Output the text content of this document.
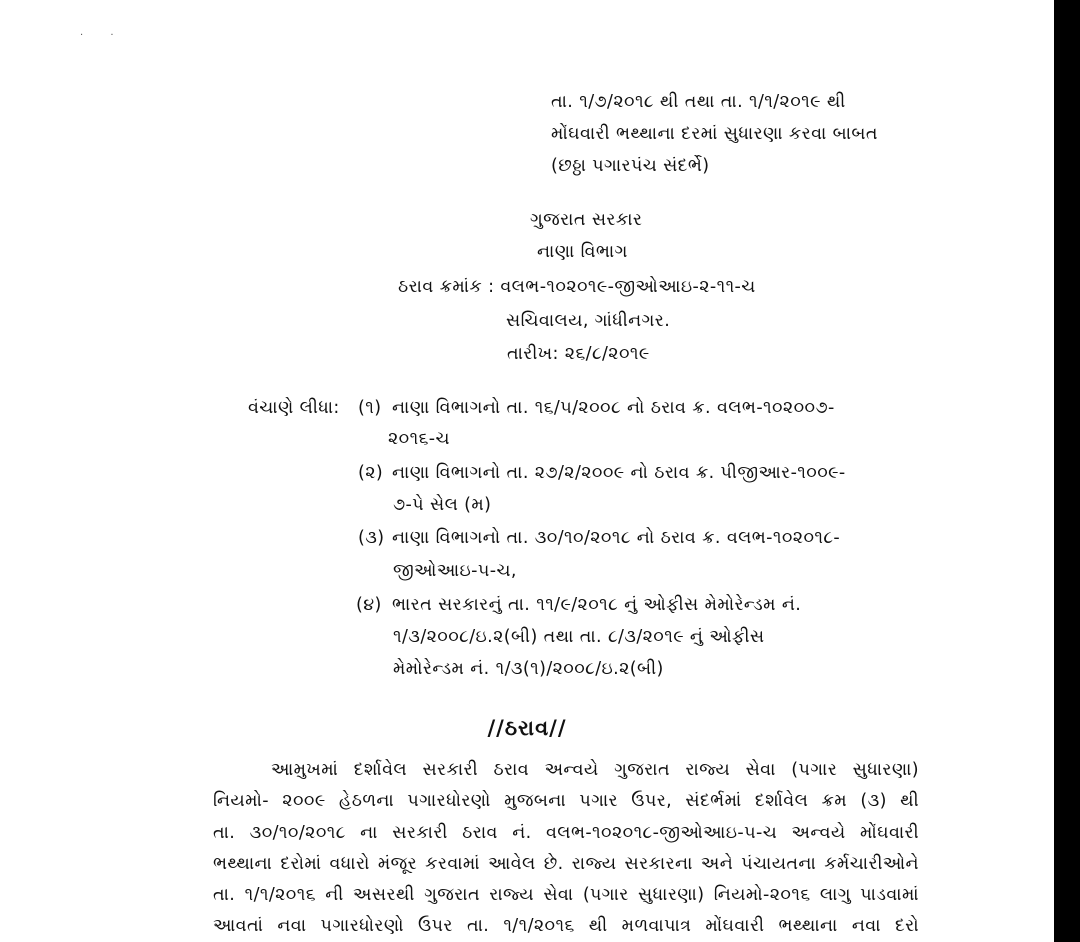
· ·
તા. ૧/૭/૨૦૧૮ થી તથા તા. ૧/૧/૨૦૧૯ થી
મોંઘવારી ભથ્થાના દરમાં સુધારણા કરવા બાબત
(છઠ્ઠા પગારપંચ સંદર્ભે)
ગુજરાત સરકાર
નાણા વિભાગ
ઠરાવ ક્રમાંક : વલભ-૧૦૨૦૧૯-જીઓઆઇ-૨-૧૧-ચ
સચિવાલય, ગાંધીનગર.
તારીખ: ૨૬/૮/૨૦૧૯
વંચાણે લીધા: (૧) નાણા વિભાગનો તા. ૧૬/૫/૨૦૦૮ નો ઠરાવ ક્ર. વલભ-૧૦૨૦૦૭-
૨૦૧૬-ચ
(૨) નાણા વિભાગનો તા. ૨૭/૨/૨૦૦૯ નો ઠરાવ ક્ર. પીજીઆર-૧૦૦૯-
૭-પે સેલ (મ)
(૩) નાણા વિભાગનો તા. ૩૦/૧૦/૨૦૧૮ નો ઠરાવ ક્ર. વલભ-૧૦૨૦૧૮-
જીઓઆઇ-૫-ચ,
(૪) ભારત સરકારનું તા. ૧૧/૯/૨૦૧૮ નું ઓફીસ મેમોરેન્ડમ નં.
૧/૩/૨૦૦૮/ઇ.૨(બી) તથા તા. ૮/૩/૨૦૧૯ નું ઓફીસ
મેમોરેન્ડમ નં. ૧/૩(૧)/૨૦૦૮/ઇ.૨(બી)
//ઠરાવ//
આમુખમાં દર્શાવેલ સરકારી ઠરાવ અન્વયે ગુજરાત રાજ્ય સેવા (પગાર સુધારણા)
નિયમો- ૨૦૦૯ હેઠળના પગારધોરણો મુજબના પગાર ઉપર, સંદર્ભમાં દર્શાવેલ ક્રમ (૩) થી
તા. ૩૦/૧૦/૨૦૧૮ ના સરકારી ઠરાવ નં. વલભ-૧૦૨૦૧૮-જીઓઆઇ-૫-ચ અન્વયે મોંઘવારી
ભથ્થાના દરોમાં વધારો મંજૂર કરવામાં આવેલ છે. રાજ્ય સરકારના અને પંચાયતના કર્મચારીઓને
તા. ૧/૧/૨૦૧૬ ની અસરથી ગુજરાત રાજ્ય સેવા (પગાર સુધારણા) નિયમો-૨૦૧૬ લાગુ પાડવામાં
આવતાં નવા પગારધોરણો ઉપર તા. ૧/૧/૨૦૧૬ થી મળવાપાત્ર મોંઘવારી ભથ્થાના નવા દરો
